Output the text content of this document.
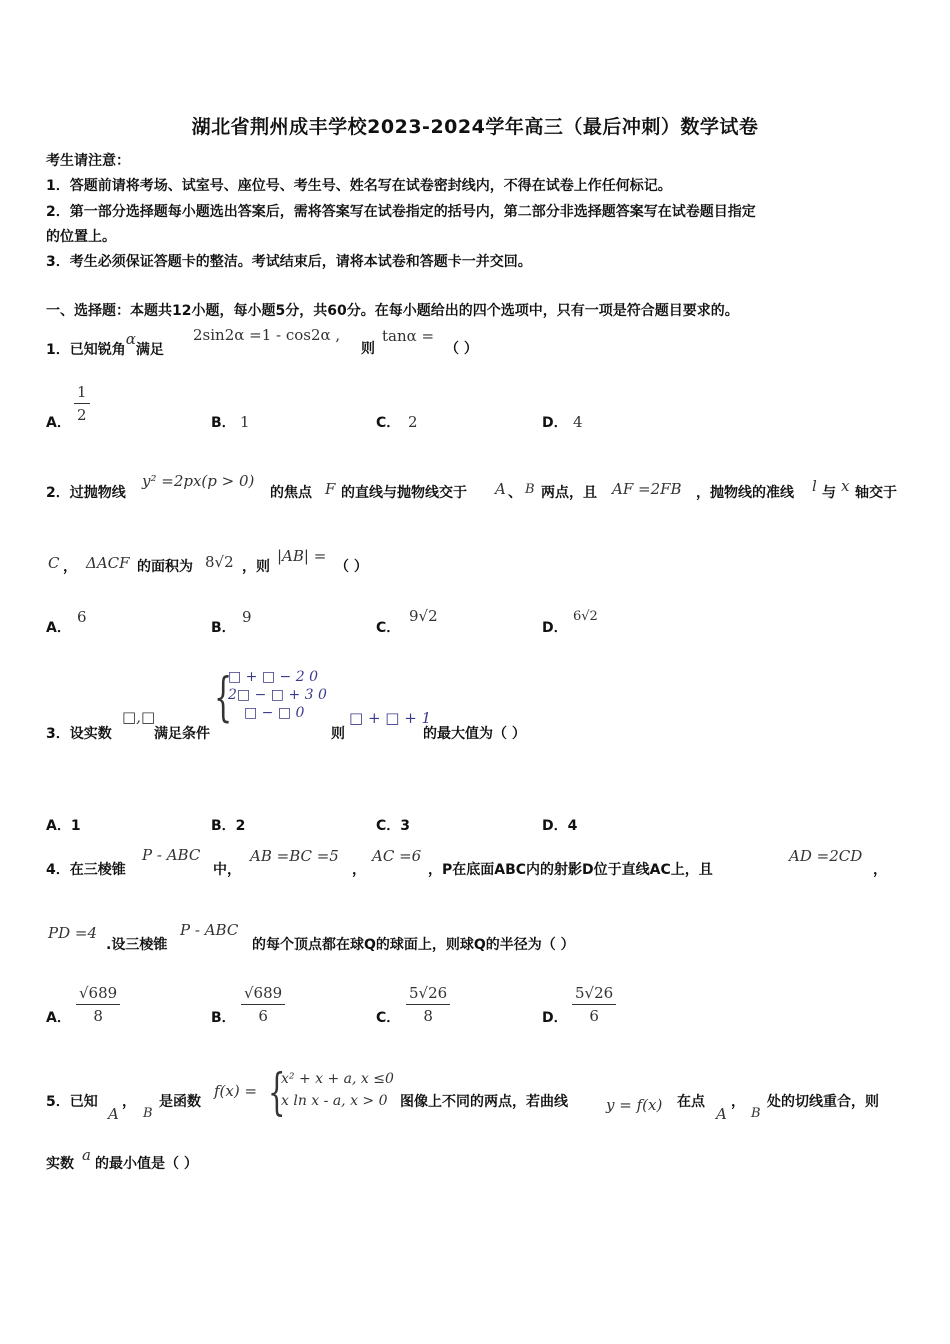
湖北省荆州成丰学校2023-2024学年高三（最后冲刺）数学试卷
考生请注意：
1．答题前请将考场、试室号、座位号、考生号、姓名写在试卷密封线内，不得在试卷上作任何标记。
2．第一部分选择题每小题选出答案后，需将答案写在试卷指定的括号内，第二部分非选择题答案写在试卷题目指定
的位置上。
3．考生必须保证答题卡的整洁。考试结束后，请将本试卷和答题卡一并交回。
一、选择题：本题共12小题，每小题5分，共60分。在每小题给出的四个选项中，只有一项是符合题目要求的。
1．已知锐角α满足
2sin2α =1 - cos2α ,
则
tanα =
（ ）
A． $\frac{1}{2}$	B． 1	C． 2	D． 4
2．过抛物线
y² =2px(p > 0)
的焦点 F 的直线与抛物线交于 A 、 B 两点，且 AF =2FB ，抛物线的准线 l 与 x 轴交于
C ， ΔACF 的面积为 8√2 ，则
|AB| =
（ ）
A．
6
B．
9
C．
9√2
D．
6√2
3．设实数
□,□
满足条件
{
□ + □ − 2 0
2□ − □ + 3 0
□ − □ 0
则
□ + □ + 1
的最大值为（ ）
A．1	B．2	C．3	D．4
4．在三棱锥
P - ABC
中，
AB =BC =5
，
AC =6
，P在底面ABC内的射影D位于直线AC上，且
AD =2CD
，
PD =4
.设三棱锥
P - ABC
的每个顶点都在球Q的球面上，则球Q的半径为（ ）
A． $\frac{√689}{8}$	B． $\frac{√689}{6}$	C． $\frac{5√26}{8}$	D． $\frac{5√26}{6}$
5．已知
A
，
B
是函数
f(x) = {
x² + x + a, x ≤0
x ln x - a, x > 0 图像上不同的两点，若曲线	y = f(x) 在点
A
，
B
处的切线重合，则
实数 a 的最小值是（ ）
